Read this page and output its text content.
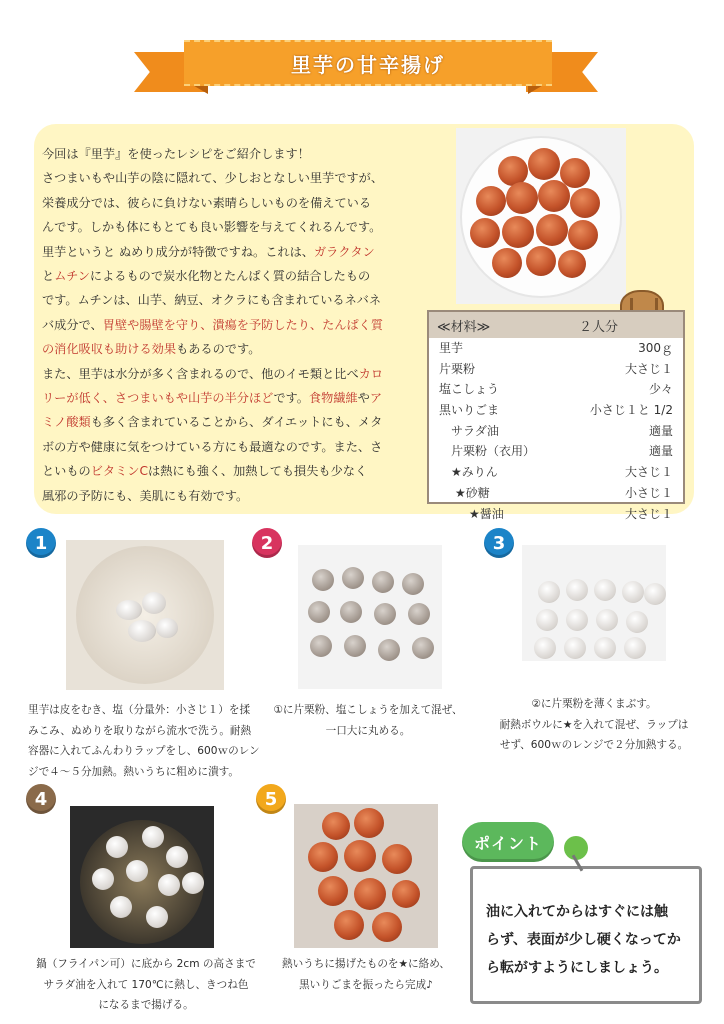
里芋の甘辛揚げ
今回は『里芋』を使ったレシピをご紹介します！
さつまいもや山芋の陰に隠れて、少しおとなしい里芋ですが、
栄養成分では、彼らに負けない素晴らしいものを備えている
んです。しかも体にもとても良い影響を与えてくれるんです。
里芋というと ぬめり成分が特徴ですね。これは、ガラクタン
とムチンによるもので炭水化物とたんぱく質の結合したもの
です。ムチンは、山芋、納豆、オクラにも含まれているネバネ
バ成分で、胃壁や腸壁を守り、潰瘍を予防したり、たんぱく質
の消化吸収も助ける効果もあるのです。
また、里芋は水分が多く含まれるので、他のイモ類と比べカロ
リーが低く、さつまいもや山芋の半分ほどです。食物繊維やア
ミノ酸類も多く含まれていることから、ダイエットにも、メタ
ボの方や健康に気をつけている方にも最適なのです。また、さ
といものビタミンCは熱にも強く、加熱しても損失も少なく
風邪の予防にも、美肌にも有効です。
≪材料≫	２人分
里芋	300ｇ
片栗粉	大さじ１
塩こしょう	少々
黒いりごま	小さじ１と 1/2
サラダ油	適量
片栗粉（衣用）	適量
★みりん	大さじ１
★砂糖	小さじ１
★醤油	大さじ１
1
里芋は皮をむき、塩（分量外：小さじ１）を揉
みこみ、ぬめりを取りながら流水で洗う。耐熱
容器に入れてふんわりラップをし、600ｗのレン
ジで４～５分加熱。熱いうちに粗めに潰す。
2
①に片栗粉、塩こしょうを加えて混ぜ、
一口大に丸める。
3
②に片栗粉を薄くまぶす。
耐熱ボウルに★を入れて混ぜ、ラップは
せず、600ｗのレンジで２分加熱する。
4
鍋（フライパン可）に底から 2cm の高さまで
サラダ油を入れて 170℃に熱し、きつね色
になるまで揚げる。
5
熱いうちに揚げたものを★に絡め、
黒いりごまを振ったら完成♪
ポイント
油に入れてからはすぐには触
らず、表面が少し硬くなってか
ら転がすようにしましょう。
